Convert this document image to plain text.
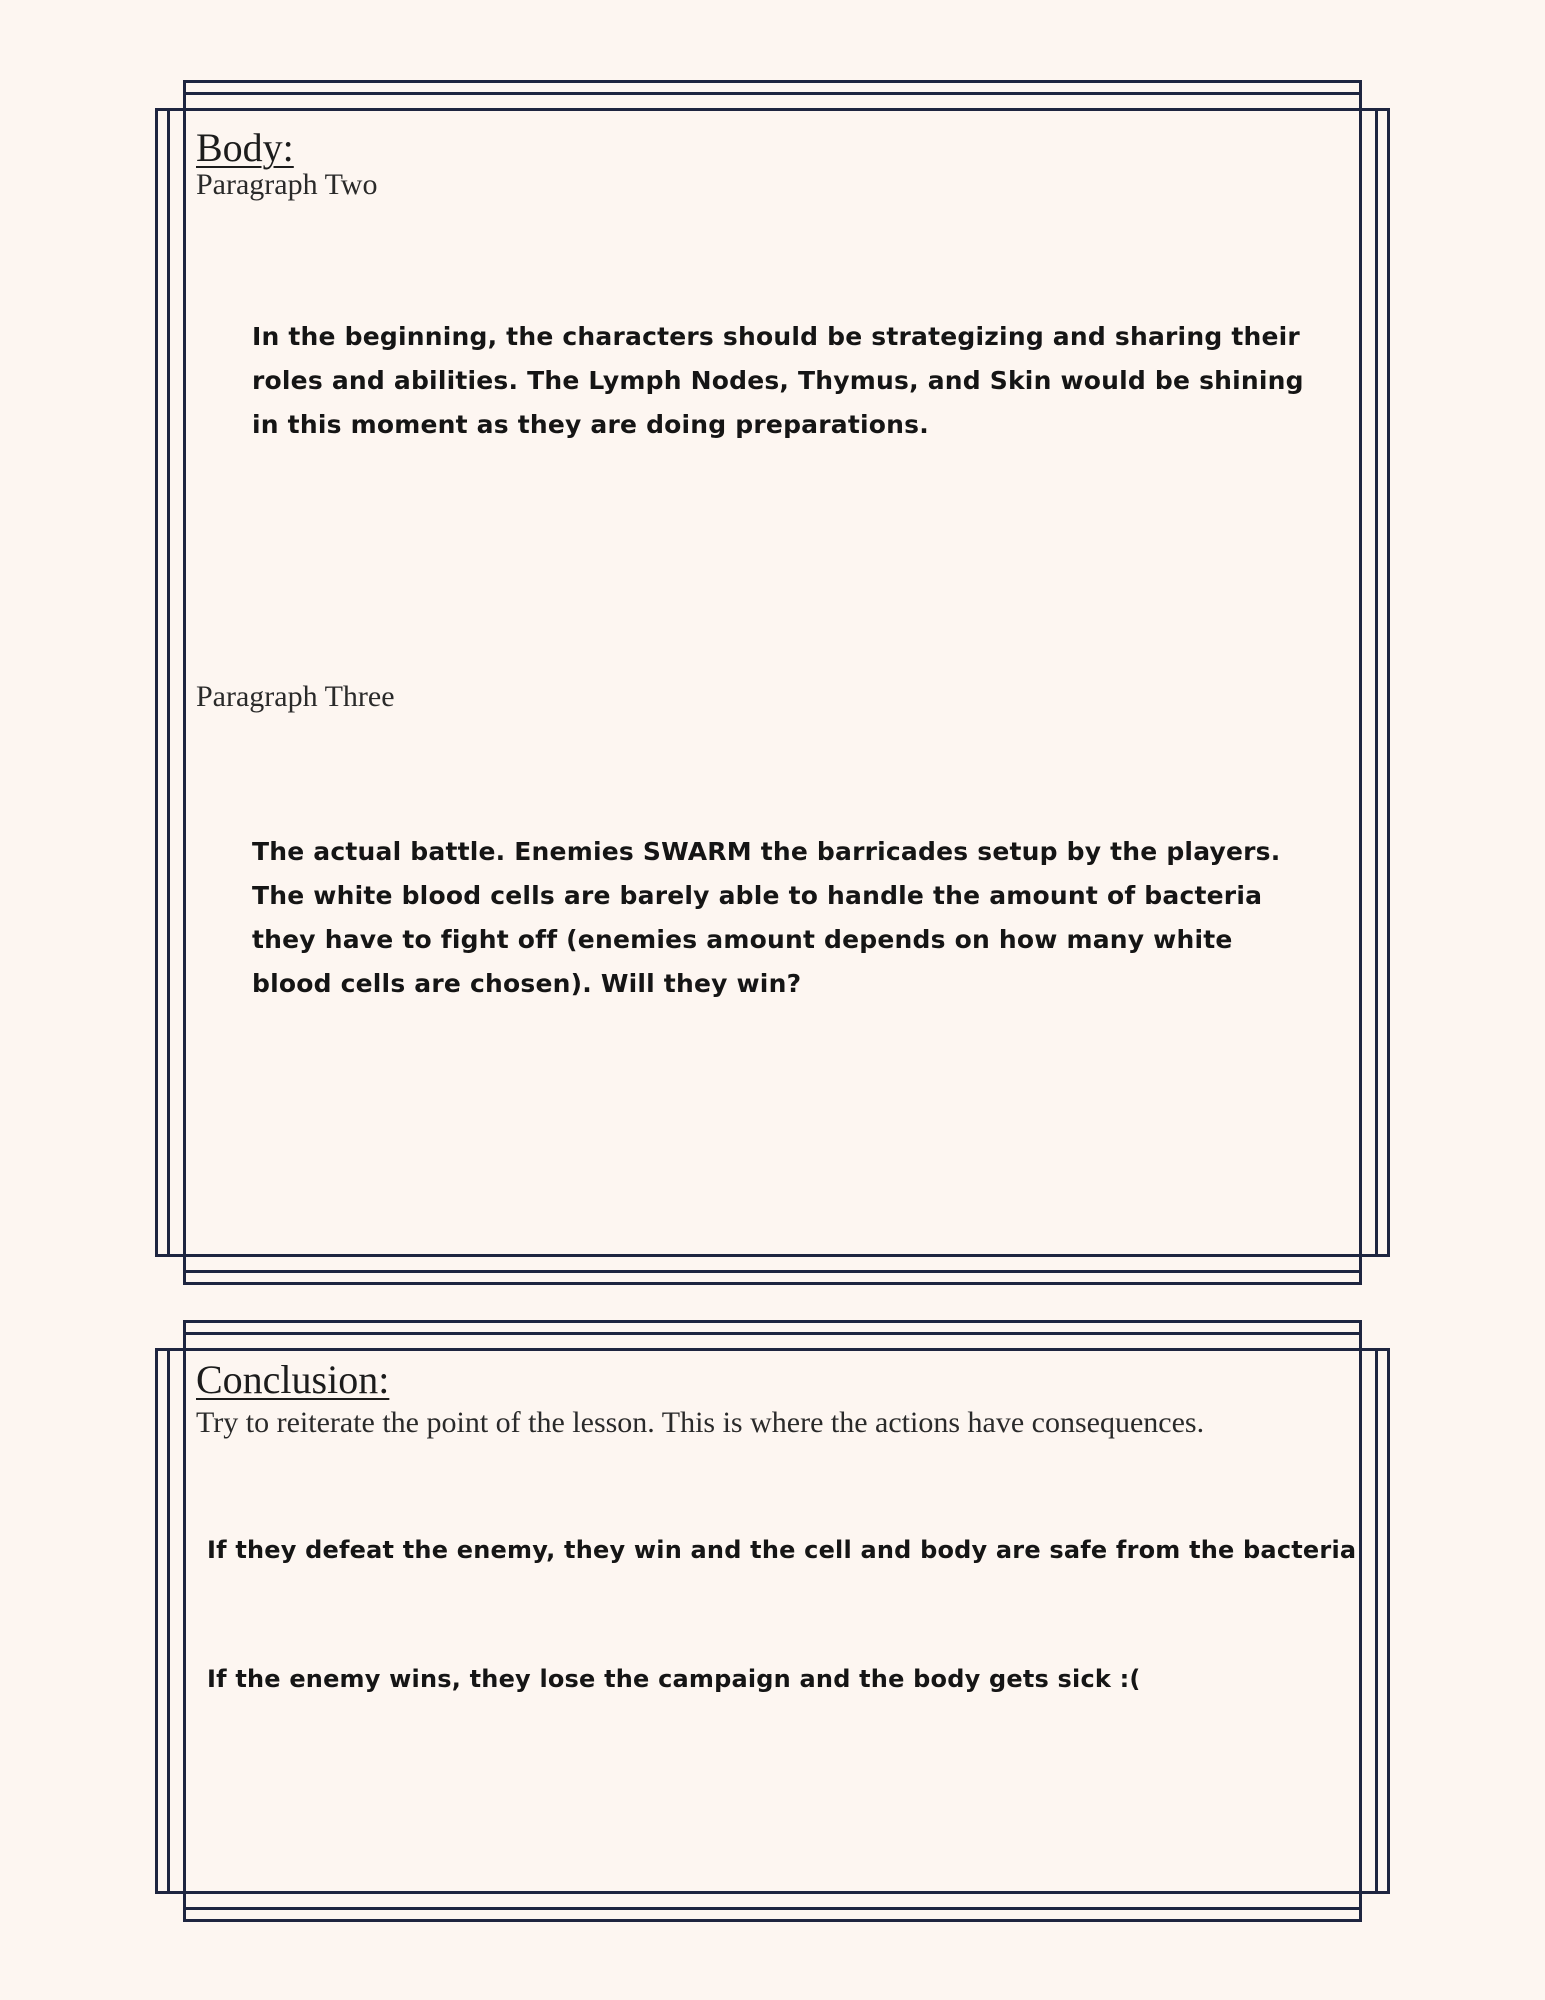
Body:
Paragraph Two
In the beginning, the characters should be strategizing and sharing their roles and abilities. The Lymph Nodes, Thymus, and Skin would be shining in this moment as they are doing preparations.
Paragraph Three
The actual battle. Enemies SWARM the barricades setup by the players. The white blood cells are barely able to handle the amount of bacteria they have to fight off (enemies amount depends on how many white blood cells are chosen). Will they win?
Conclusion:
Try to reiterate the point of the lesson. This is where the actions have consequences.
If they defeat the enemy, they win and the cell and body are safe from the bacteria
If the enemy wins, they lose the campaign and the body gets sick :(
